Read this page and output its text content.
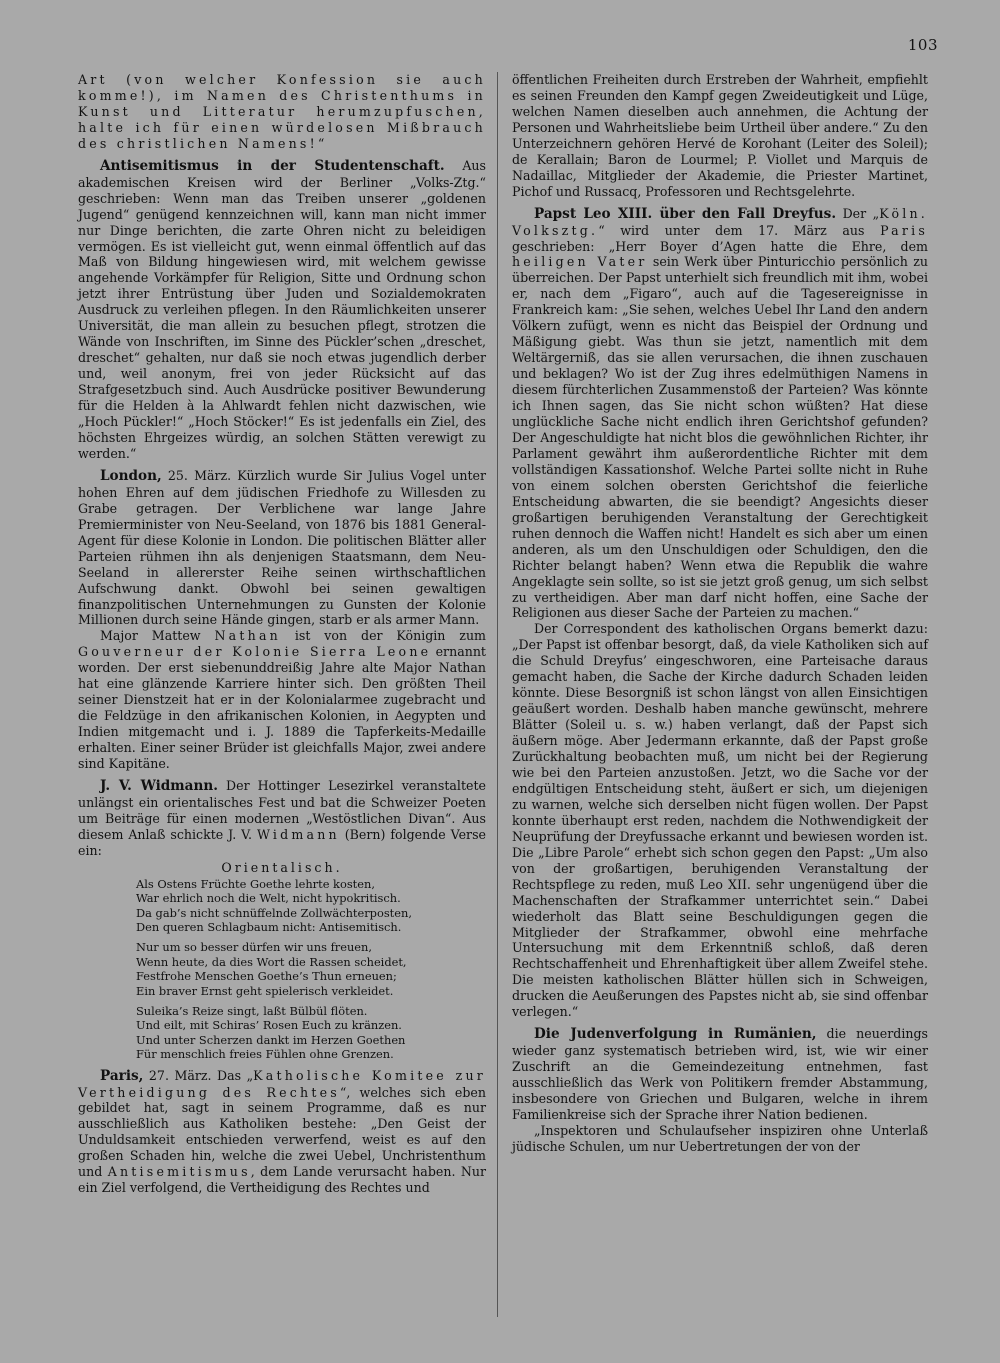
103

Art (von welcher Konfession sie auch komme!), im Namen des Christenthums in Kunst und Litteratur herumzupfuschen, halte ich für einen würdelosen Mißbrauch des christlichen Namens!“

Antisemitismus in der Studentenschaft. Aus akademischen Kreisen wird der Berliner „Volks-Ztg.“ geschrieben: Wenn man das Treiben unserer „goldenen Jugend“ genügend kennzeichnen will, kann man nicht immer nur Dinge berichten, die zarte Ohren nicht zu beleidigen vermögen. Es ist vielleicht gut, wenn einmal öffentlich auf das Maß von Bildung hingewiesen wird, mit welchem gewisse angehende Vorkämpfer für Religion, Sitte und Ordnung schon jetzt ihrer Entrüstung über Juden und Sozialdemokraten Ausdruck zu verleihen pflegen. In den Räumlichkeiten unserer Universität, die man allein zu besuchen pflegt, strotzen die Wände von Inschriften, im Sinne des Pückler’schen „dreschet, dreschet“ gehalten, nur daß sie noch etwas jugendlich derber und, weil anonym, frei von jeder Rücksicht auf das Strafgesetzbuch sind. Auch Ausdrücke positiver Bewunderung für die Helden à la Ahlwardt fehlen nicht dazwischen, wie „Hoch Pückler!“ „Hoch Stöcker!“ Es ist jedenfalls ein Ziel, des höchsten Ehrgeizes würdig, an solchen Stätten verewigt zu werden.“

London, 25. März. Kürzlich wurde Sir Julius Vogel unter hohen Ehren auf dem jüdischen Friedhofe zu Willesden zu Grabe getragen. Der Verblichene war lange Jahre Premierminister von Neu-Seeland, von 1876 bis 1881 General-Agent für diese Kolonie in London. Die politischen Blätter aller Parteien rühmen ihn als denjenigen Staatsmann, dem Neu-Seeland in allererster Reihe seinen wirthschaftlichen Aufschwung dankt. Obwohl bei seinen gewaltigen finanzpolitischen Unternehmungen zu Gunsten der Kolonie Millionen durch seine Hände gingen, starb er als armer Mann.

Major Mattew Nathan ist von der Königin zum Gouverneur der Kolonie Sierra Leone ernannt worden. Der erst siebenunddreißig Jahre alte Major Nathan hat eine glänzende Karriere hinter sich. Den größten Theil seiner Dienstzeit hat er in der Kolonialarmee zugebracht und die Feldzüge in den afrikanischen Kolonien, in Aegypten und Indien mitgemacht und i. J. 1889 die Tapferkeits-Medaille erhalten. Einer seiner Brüder ist gleichfalls Major, zwei andere sind Kapitäne.

J. V. Widmann. Der Hottinger Lesezirkel veranstaltete unlängst ein orientalisches Fest und bat die Schweizer Poeten um Beiträge für einen modernen „Westöstlichen Divan“. Aus diesem Anlaß schickte J. V. Widmann (Bern) folgende Verse ein:

Orientalisch.
Als Ostens Früchte Goethe lehrte kosten,
War ehrlich noch die Welt, nicht hypokritisch.
Da gab’s nicht schnüffelnde Zollwächterposten,
Den queren Schlagbaum nicht: Antisemitisch.
Nur um so besser dürfen wir uns freuen,
Wenn heute, da dies Wort die Rassen scheidet,
Festfrohe Menschen Goethe’s Thun erneuen;
Ein braver Ernst geht spielerisch verkleidet.
Suleika’s Reize singt, laßt Bülbül flöten.
Und eilt, mit Schiras’ Rosen Euch zu kränzen.
Und unter Scherzen dankt im Herzen Goethen
Für menschlich freies Fühlen ohne Grenzen.

Paris, 27. März. Das „Katholische Komitee zur Vertheidigung des Rechtes“, welches sich eben gebildet hat, sagt in seinem Programme, daß es nur ausschließlich aus Katholiken bestehe: „Den Geist der Unduldsamkeit entschieden verwerfend, weist es auf den großen Schaden hin, welche die zwei Uebel, Unchristenthum und Antisemitismus, dem Lande verursacht haben. Nur ein Ziel verfolgend, die Vertheidigung des Rechtes und

öffentlichen Freiheiten durch Erstreben der Wahrheit, empfiehlt es seinen Freunden den Kampf gegen Zweideutigkeit und Lüge, welchen Namen dieselben auch annehmen, die Achtung der Personen und Wahrheitsliebe beim Urtheil über andere.“ Zu den Unterzeichnern gehören Hervé de Korohant (Leiter des Soleil); de Kerallain; Baron de Lourmel; P. Viollet und Marquis de Nadaillac, Mitglieder der Akademie, die Priester Martinet, Pichof und Russacq, Professoren und Rechtsgelehrte.

Papst Leo XIII. über den Fall Dreyfus. Der „Köln. Volksztg.“ wird unter dem 17. März aus Paris geschrieben: „Herr Boyer d’Agen hatte die Ehre, dem heiligen Vater sein Werk über Pinturicchio persönlich zu überreichen. Der Papst unterhielt sich freundlich mit ihm, wobei er, nach dem „Figaro“, auch auf die Tagesereignisse in Frankreich kam: „Sie sehen, welches Uebel Ihr Land den andern Völkern zufügt, wenn es nicht das Beispiel der Ordnung und Mäßigung giebt. Was thun sie jetzt, namentlich mit dem Weltärgerniß, das sie allen verursachen, die ihnen zuschauen und beklagen? Wo ist der Zug ihres edelmüthigen Namens in diesem fürchterlichen Zusammenstoß der Parteien? Was könnte ich Ihnen sagen, das Sie nicht schon wüßten? Hat diese unglückliche Sache nicht endlich ihren Gerichtshof gefunden? Der Angeschuldigte hat nicht blos die gewöhnlichen Richter, ihr Parlament gewährt ihm außerordentliche Richter mit dem vollständigen Kassationshof. Welche Partei sollte nicht in Ruhe von einem solchen obersten Gerichtshof die feierliche Entscheidung abwarten, die sie beendigt? Angesichts dieser großartigen beruhigenden Veranstaltung der Gerechtigkeit ruhen dennoch die Waffen nicht! Handelt es sich aber um einen anderen, als um den Unschuldigen oder Schuldigen, den die Richter belangt haben? Wenn etwa die Republik die wahre Angeklagte sein sollte, so ist sie jetzt groß genug, um sich selbst zu vertheidigen. Aber man darf nicht hoffen, eine Sache der Religionen aus dieser Sache der Parteien zu machen.“

Der Correspondent des katholischen Organs bemerkt dazu: „Der Papst ist offenbar besorgt, daß, da viele Katholiken sich auf die Schuld Dreyfus’ eingeschworen, eine Parteisache daraus gemacht haben, die Sache der Kirche dadurch Schaden leiden könnte. Diese Besorgniß ist schon längst von allen Einsichtigen geäußert worden. Deshalb haben manche gewünscht, mehrere Blätter (Soleil u. s. w.) haben verlangt, daß der Papst sich äußern möge. Aber Jedermann erkannte, daß der Papst große Zurückhaltung beobachten muß, um nicht bei der Regierung wie bei den Parteien anzustoßen. Jetzt, wo die Sache vor der endgültigen Entscheidung steht, äußert er sich, um diejenigen zu warnen, welche sich derselben nicht fügen wollen. Der Papst konnte überhaupt erst reden, nachdem die Nothwendigkeit der Neuprüfung der Dreyfussache erkannt und bewiesen worden ist. Die „Libre Parole“ erhebt sich schon gegen den Papst: „Um also von der großartigen, beruhigenden Veranstaltung der Rechtspflege zu reden, muß Leo XII. sehr ungenügend über die Machenschaften der Strafkammer unterrichtet sein.“ Dabei wiederholt das Blatt seine Beschuldigungen gegen die Mitglieder der Strafkammer, obwohl eine mehrfache Untersuchung mit dem Erkenntniß schloß, daß deren Rechtschaffenheit und Ehrenhaftigkeit über allem Zweifel stehe. Die meisten katholischen Blätter hüllen sich in Schweigen, drucken die Aeußerungen des Papstes nicht ab, sie sind offenbar verlegen.“

Die Judenverfolgung in Rumänien, die neuerdings wieder ganz systematisch betrieben wird, ist, wie wir einer Zuschrift an die Gemeindezeitung entnehmen, fast ausschließlich das Werk von Politikern fremder Abstammung, insbesondere von Griechen und Bulgaren, welche in ihrem Familienkreise sich der Sprache ihrer Nation bedienen.

„Inspektoren und Schulaufseher inspiziren ohne Unterlaß jüdische Schulen, um nur Uebertretungen der von der
